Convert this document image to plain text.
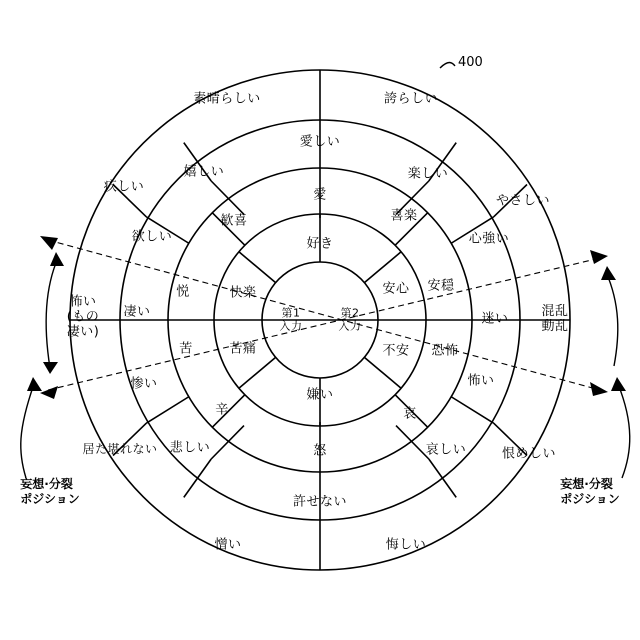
400
第1
入力
第2
入力
好き
嫌い
快楽
苦痛
安心
不安
愛
喜楽
安穏
恐怖
哀
怒
辛
苦
悦
歓喜
愛しい
楽しい
心強い
迷い
怖い
哀しい
許せない
悲しい
惨い
凄い
欲しい
嬉しい
素晴らしい	誇らしい
やさしい
混乱
動乱
恨めしい
悔しい
憎い
居た堪れない
怖い
(もの
凄い)
疚しい
妄想·分裂
ポジション
妄想·分裂
ポジション
